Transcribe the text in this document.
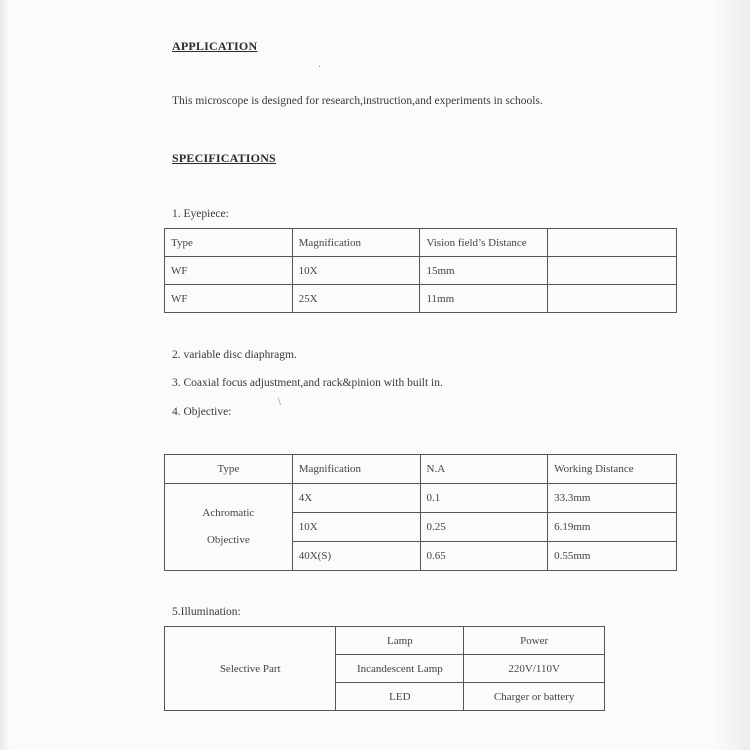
APPLICATION
·
This microscope is designed for research,instruction,and experiments in schools.
SPECIFICATIONS
1. Eyepiece:
Type	Magnification	Vision field’s Distance	
WF	10X	15mm	
WF	25X	11mm	
2. variable disc diaphragm.
3. Coaxial focus adjustment,and rack&pinion with built in.
\
4. Objective:
Type	Magnification	N.A	Working Distance

Achromatic
Objective	4X	0.1	33.3mm
	10X	0.25	6.19mm
	40X(S)	0.65	0.55mm
5.Illumination:
Selective Part	Lamp	Power
	Incandescent Lamp	220V/110V
	LED	Charger or battery
